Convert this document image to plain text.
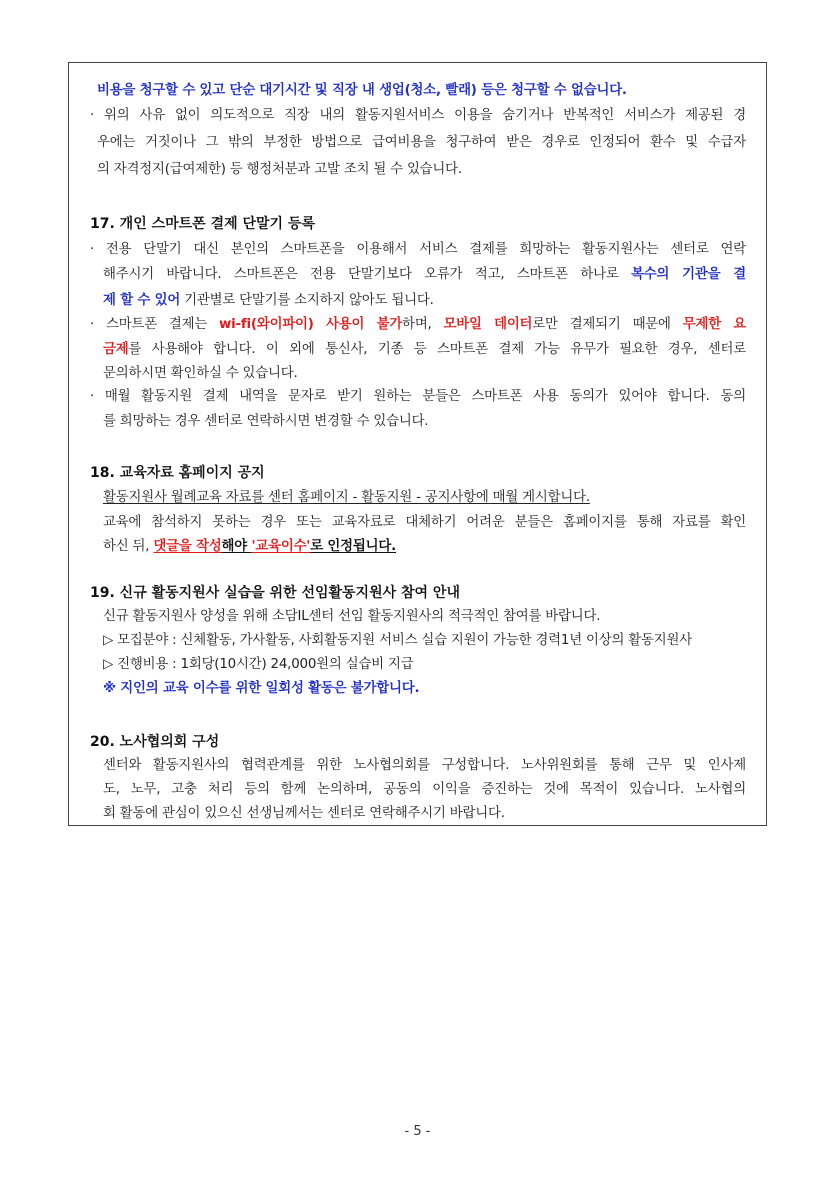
비용을 청구할 수 있고 단순 대기시간 및 직장 내 생업(청소, 빨래) 등은 청구할 수 없습니다.
· 위의 사유 없이 의도적으로 직장 내의 활동지원서비스 이용을 숨기거나 반복적인 서비스가 제공된 경
우에는 거짓이나 그 밖의 부정한 방법으로 급여비용을 청구하여 받은 경우로 인정되어 환수 및 수급자
의 자격정지(급여제한) 등 행정처분과 고발 조치 될 수 있습니다.
17. 개인 스마트폰 결제 단말기 등록
· 전용 단말기 대신 본인의 스마트폰을 이용해서 서비스 결제를 희망하는 활동지원사는 센터로 연락
해주시기 바랍니다. 스마트폰은 전용 단말기보다 오류가 적고, 스마트폰 하나로 복수의 기관을 결
제 할 수 있어 기관별로 단말기를 소지하지 않아도 됩니다.
· 스마트폰 결제는 wi-fi(와이파이) 사용이 불가하며, 모바일 데이터로만 결제되기 때문에 무제한 요
금제를 사용해야 합니다. 이 외에 통신사, 기종 등 스마트폰 결제 가능 유무가 필요한 경우, 센터로
문의하시면 확인하실 수 있습니다.
· 매월 활동지원 결제 내역을 문자로 받기 원하는 분들은 스마트폰 사용 동의가 있어야 합니다. 동의
를 희망하는 경우 센터로 연락하시면 변경할 수 있습니다.
18. 교육자료 홈페이지 공지
활동지원사 월례교육 자료를 센터 홈페이지 - 활동지원 - 공지사항에 매월 게시합니다.
교육에 참석하지 못하는 경우 또는 교육자료로 대체하기 어려운 분들은 홈페이지를 통해 자료를 확인
하신 뒤, 댓글을 작성해야 '교육이수'로 인정됩니다.
19. 신규 활동지원사 실습을 위한 선임활동지원사 참여 안내
신규 활동지원사 양성을 위해 소담IL센터 선임 활동지원사의 적극적인 참여를 바랍니다.
▷ 모집분야 : 신체활동, 가사활동, 사회활동지원 서비스 실습 지원이 가능한 경력1년 이상의 활동지원사
▷ 진행비용 : 1회당(10시간) 24,000원의 실습비 지급
※ 지인의 교육 이수를 위한 일회성 활동은 불가합니다.
20. 노사협의회 구성
센터와 활동지원사의 협력관계를 위한 노사협의회를 구성합니다. 노사위원회를 통해 근무 및 인사제
도, 노무, 고충 처리 등의 함께 논의하며, 공동의 이익을 증진하는 것에 목적이 있습니다. 노사협의
회 활동에 관심이 있으신 선생님께서는 센터로 연락해주시기 바랍니다.
- 5 -
